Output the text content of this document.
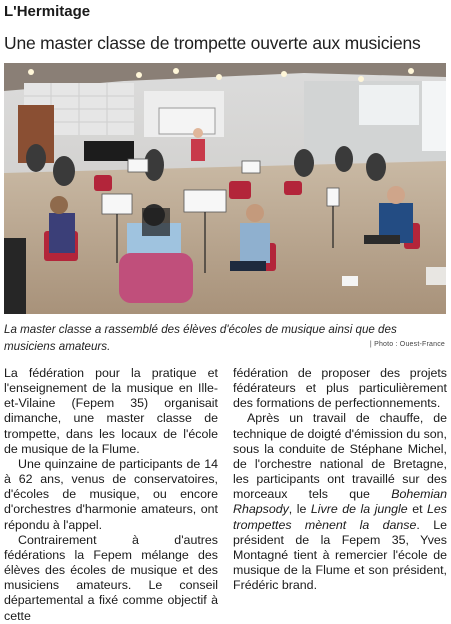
L'Hermitage
Une master classe de trompette ouverte aux musiciens
La master classe a rassemblé des élèves d'écoles de musique ainsi que des musiciens amateurs.	| Photo : Ouest-France

La fédération pour la pratique et l'enseignement de la musique en Ille-et-Vilaine (Fepem 35) organisait dimanche, une master classe de trompette, dans les locaux de l'école de musique de la Flume.

Une quinzaine de participants de 14 à 62 ans, venus de conservatoires, d'écoles de musique, ou encore d'orchestres d'harmonie amateurs, ont répondu à l'appel.

Contrairement à d'autres fédérations la Fepem mélange des élèves des écoles de musique et des musiciens amateurs. Le conseil départemental a fixé comme objectif à cette

fédération de proposer des projets fédérateurs et plus particulièrement des formations de perfectionnements.

Après un travail de chauffe, de technique de doigté d'émission du son, sous la conduite de Stéphane Michel, de l'orchestre national de Bretagne, les participants ont travaillé sur des morceaux tels que Bohemian Rhapsody, le Livre de la jungle et Les trompettes mènent la danse. Le président de la Fepem 35, Yves Montagné tient à remercier l'école de musique de la Flume et son président, Frédéric brand.
